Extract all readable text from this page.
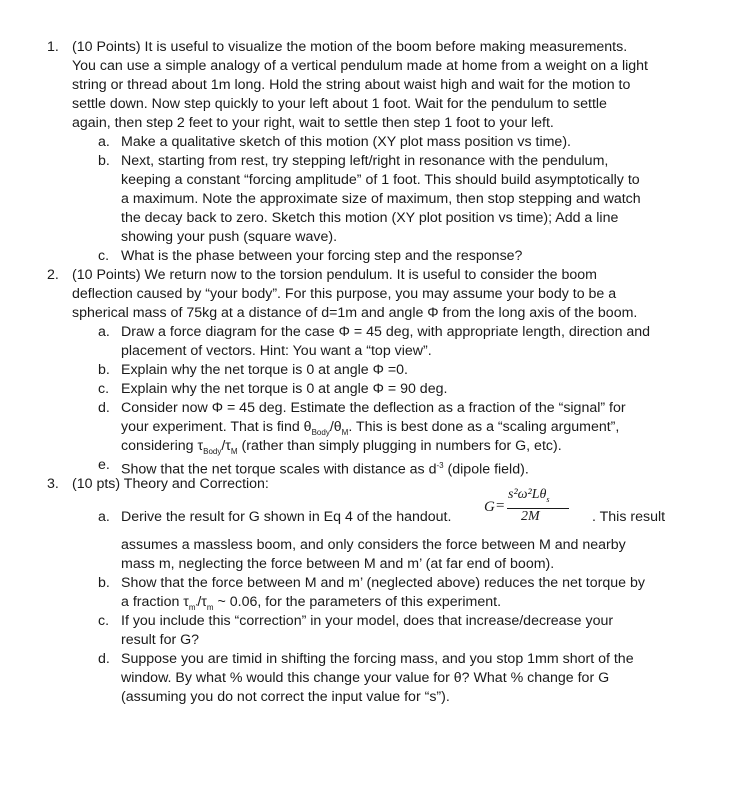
1. (10 Points) It is useful to visualize the motion of the boom before making measurements.
You can use a simple analogy of a vertical pendulum made at home from a weight on a light
string or thread about 1m long. Hold the string about waist high and wait for the motion to
settle down. Now step quickly to your left about 1 foot. Wait for the pendulum to settle
again, then step 2 feet to your right, wait to settle then step 1 foot to your left.
a. Make a qualitative sketch of this motion (XY plot mass position vs time).
b. Next, starting from rest, try stepping left/right in resonance with the pendulum,
keeping a constant “forcing amplitude” of 1 foot. This should build asymptotically to
a maximum. Note the approximate size of maximum, then stop stepping and watch
the decay back to zero. Sketch this motion (XY plot position vs time); Add a line
showing your push (square wave).
c. What is the phase between your forcing step and the response?
2. (10 Points) We return now to the torsion pendulum. It is useful to consider the boom
deflection caused by “your body”. For this purpose, you may assume your body to be a
spherical mass of 75kg at a distance of d=1m and angle Φ from the long axis of the boom.
a. Draw a force diagram for the case Φ = 45 deg, with appropriate length, direction and
placement of vectors. Hint: You want a “top view”.
b. Explain why the net torque is 0 at angle Φ =0.
c. Explain why the net torque is 0 at angle Φ = 90 deg.
d. Consider now Φ = 45 deg. Estimate the deflection as a fraction of the “signal” for
your experiment. That is find $\theta_{Body}/\theta_M$. This is best done as a “scaling argument”,
considering $\tau_{Body}/\tau_M$ (rather than simply plugging in numbers for G, etc).
e. Show that the net torque scales with distance as $d^{-3}$ (dipole field).
3. (10 pts) Theory and Correction:
a. Derive the result for G shown in Eq 4 of the handout.
G =
$s^2\omega^2L\theta_s$
2M	. This result
assumes a massless boom, and only considers the force between M and nearby
mass m, neglecting the force between M and m’ (at far end of boom).
b. Show that the force between M and m’ (neglected above) reduces the net torque by
a fraction $\tau_{m’}/\tau_m$ ~ 0.06, for the parameters of this experiment.
c. If you include this “correction” in your model, does that increase/decrease your
result for G?
d. Suppose you are timid in shifting the forcing mass, and you stop 1mm short of the
window. By what % would this change your value for θ? What % change for G
(assuming you do not correct the input value for “s”).
